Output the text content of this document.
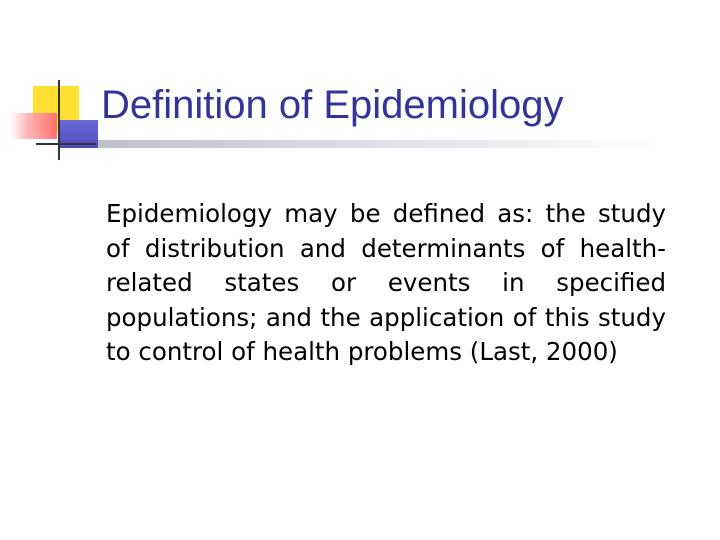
Definition of Epidemiology

Epidemiology may be defined as: the study of distribution and determinants of health-related states or events in specified populations; and the application of this study to control of health problems (Last, 2000)
